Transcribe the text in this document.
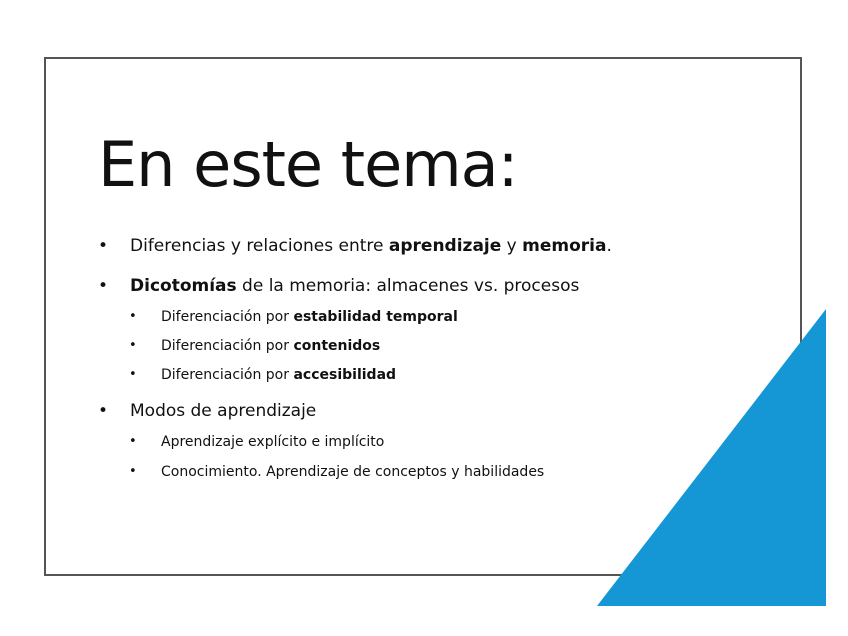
En este tema:
• Diferencias y relaciones entre aprendizaje y memoria.
• Dicotomías de la memoria: almacenes vs. procesos
• Diferenciación por estabilidad temporal
• Diferenciación por contenidos
• Diferenciación por accesibilidad
• Modos de aprendizaje
• Aprendizaje explícito e implícito
• Conocimiento. Aprendizaje de conceptos y habilidades
